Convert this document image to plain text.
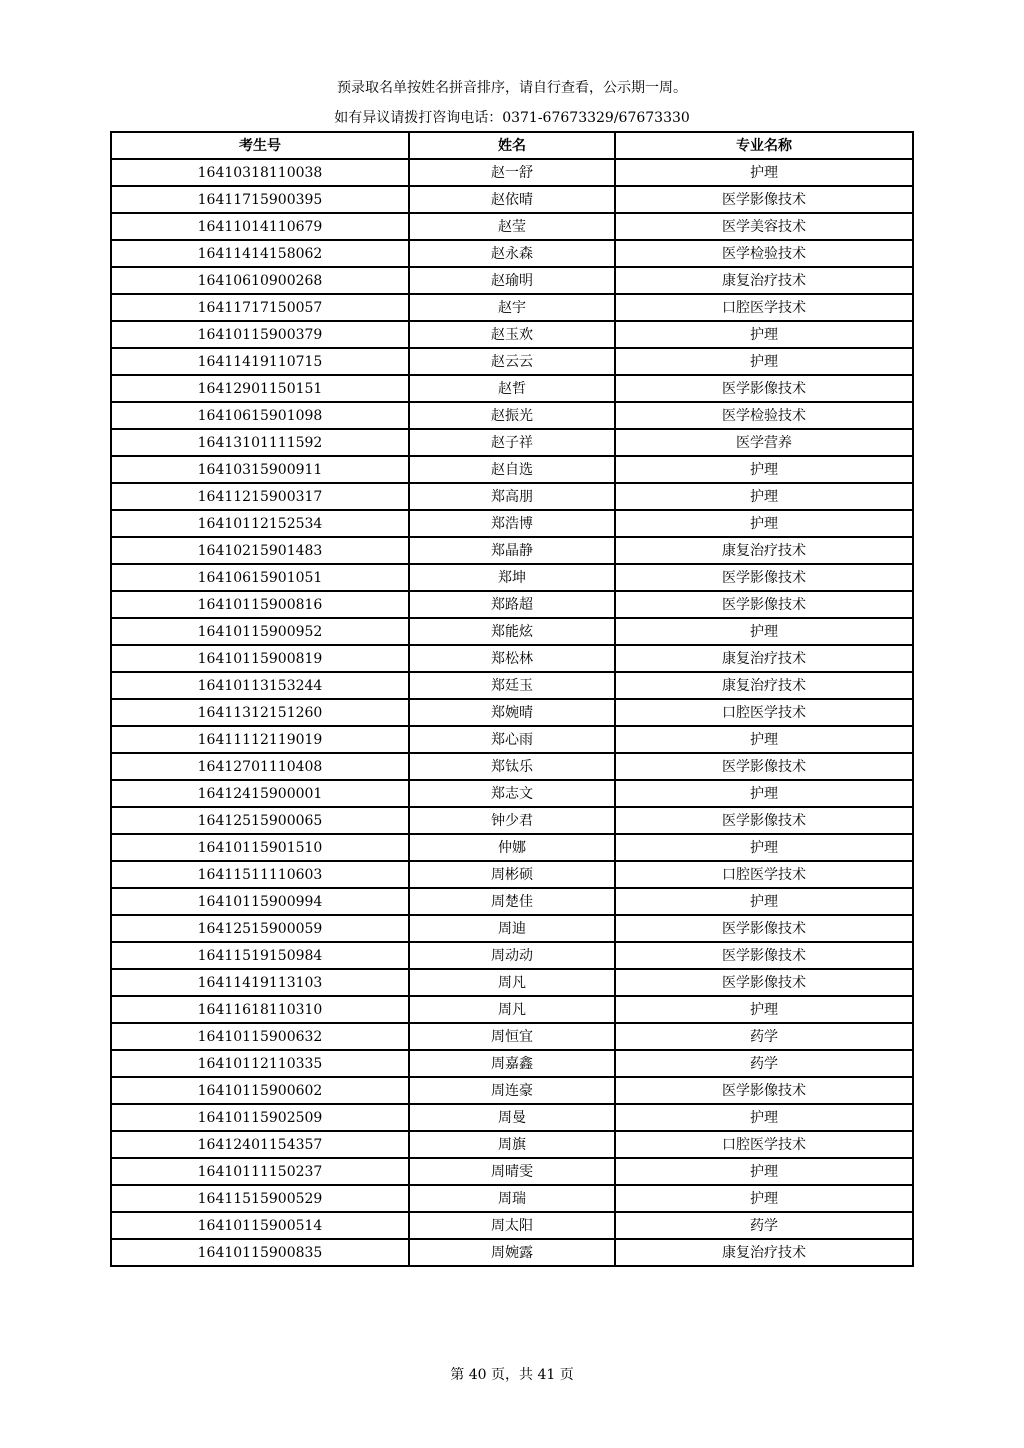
预录取名单按姓名拼音排序，请自行查看，公示期一周。
如有异议请拨打咨询电话：0371-67673329/67673330
考生号	姓名	专业名称
16410318110038	赵一舒	护理
16411715900395	赵依晴	医学影像技术
16411014110679	赵莹	医学美容技术
16411414158062	赵永森	医学检验技术
16410610900268	赵瑜明	康复治疗技术
16411717150057	赵宇	口腔医学技术
16410115900379	赵玉欢	护理
16411419110715	赵云云	护理
16412901150151	赵哲	医学影像技术
16410615901098	赵振光	医学检验技术
16413101111592	赵子祥	医学营养
16410315900911	赵自选	护理
16411215900317	郑高朋	护理
16410112152534	郑浩博	护理
16410215901483	郑晶静	康复治疗技术
16410615901051	郑坤	医学影像技术
16410115900816	郑路超	医学影像技术
16410115900952	郑能炫	护理
16410115900819	郑松林	康复治疗技术
16410113153244	郑廷玉	康复治疗技术
16411312151260	郑婉晴	口腔医学技术
16411112119019	郑心雨	护理
16412701110408	郑钛乐	医学影像技术
16412415900001	郑志文	护理
16412515900065	钟少君	医学影像技术
16410115901510	仲娜	护理
16411511110603	周彬硕	口腔医学技术
16410115900994	周楚佳	护理
16412515900059	周迪	医学影像技术
16411519150984	周动动	医学影像技术
16411419113103	周凡	医学影像技术
16411618110310	周凡	护理
16410115900632	周恒宜	药学
16410112110335	周嘉鑫	药学
16410115900602	周连豪	医学影像技术
16410115902509	周曼	护理
16412401154357	周旗	口腔医学技术
16410111150237	周晴雯	护理
16411515900529	周瑞	护理
16410115900514	周太阳	药学
16410115900835	周婉露	康复治疗技术
第 40 页，共 41 页
